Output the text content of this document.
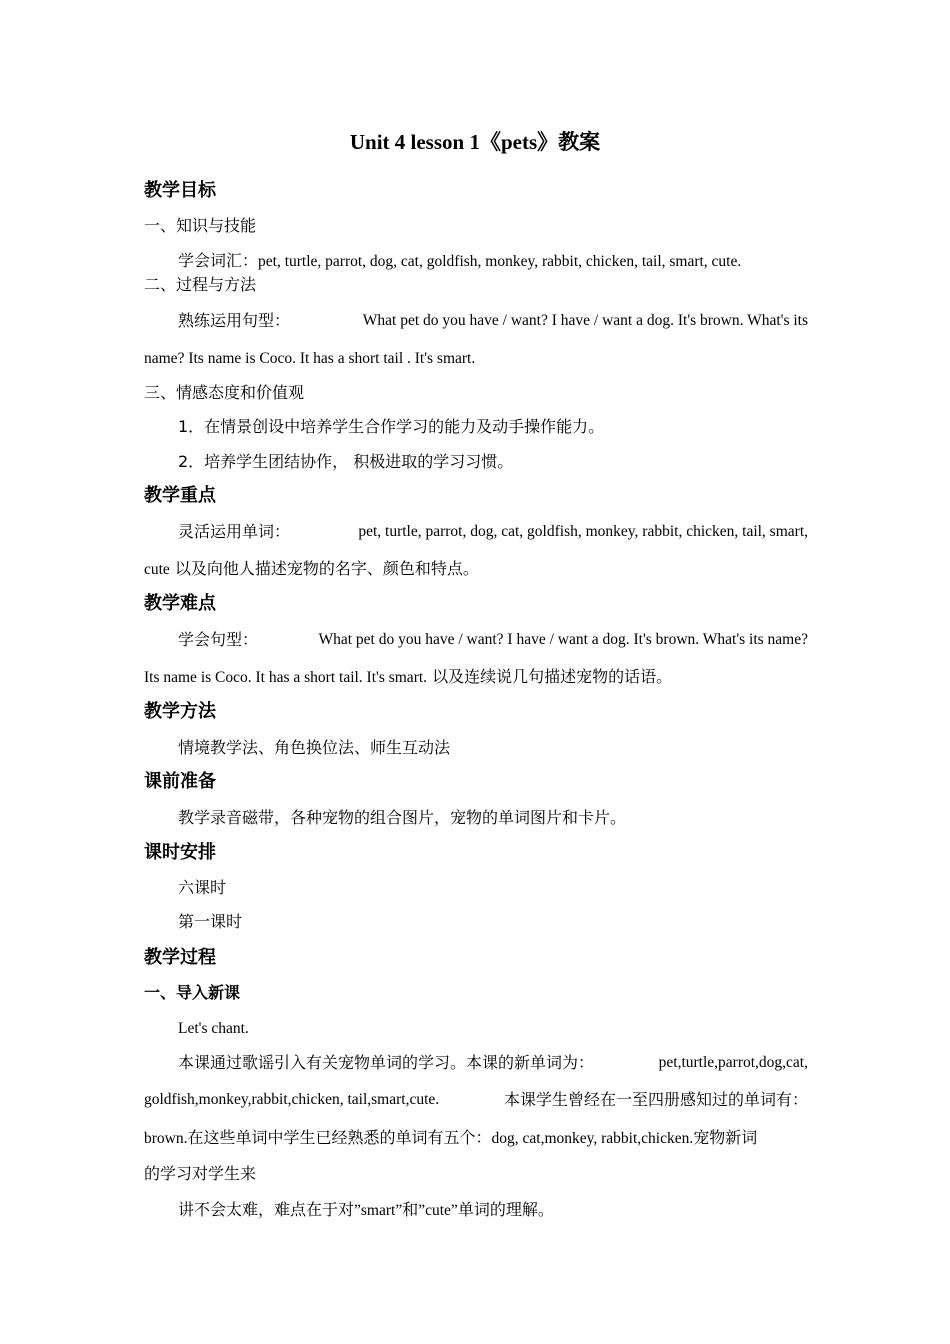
Unit 4 lesson 1《pets》教案
教学目标
一、知识与技能
学会词汇：pet, turtle, parrot, dog, cat, goldfish, monkey, rabbit, chicken, tail, smart, cute.
二、过程与方法
熟练运用句型：	What pet do you have / want? I have / want a dog. It's brown. What's its
name? Its name is Coco. It has a short tail . It's smart.
三、情感态度和价值观
1．在情景创设中培养学生合作学习的能力及动手操作能力。
2．培养学生团结协作， 积极进取的学习习惯。
教学重点
灵活运用单词：	pet, turtle, parrot, dog, cat, goldfish, monkey, rabbit, chicken, tail, smart,
cute 以及向他人描述宠物的名字、颜色和特点。
教学难点
学会句型：	What pet do you have / want? I have / want a dog. It's brown. What's its name?
Its name is Coco. It has a short tail. It's smart. 以及连续说几句描述宠物的话语。
教学方法
情境教学法、角色换位法、师生互动法
课前准备
教学录音磁带，各种宠物的组合图片，宠物的单词图片和卡片。
课时安排
六课时
第一课时
教学过程
一、导入新课
Let's chant.
本课通过歌谣引入有关宠物单词的学习。本课的新单词为：	pet,turtle,parrot,dog,cat,
goldfish,monkey,rabbit,chicken, tail,smart,cute.	本课学生曾经在一至四册感知过的单词有：
brown.在这些单词中学生已经熟悉的单词有五个：dog, cat,monkey, rabbit,chicken.宠物新词
的学习对学生来
讲不会太难，难点在于对”smart”和”cute”单词的理解。
